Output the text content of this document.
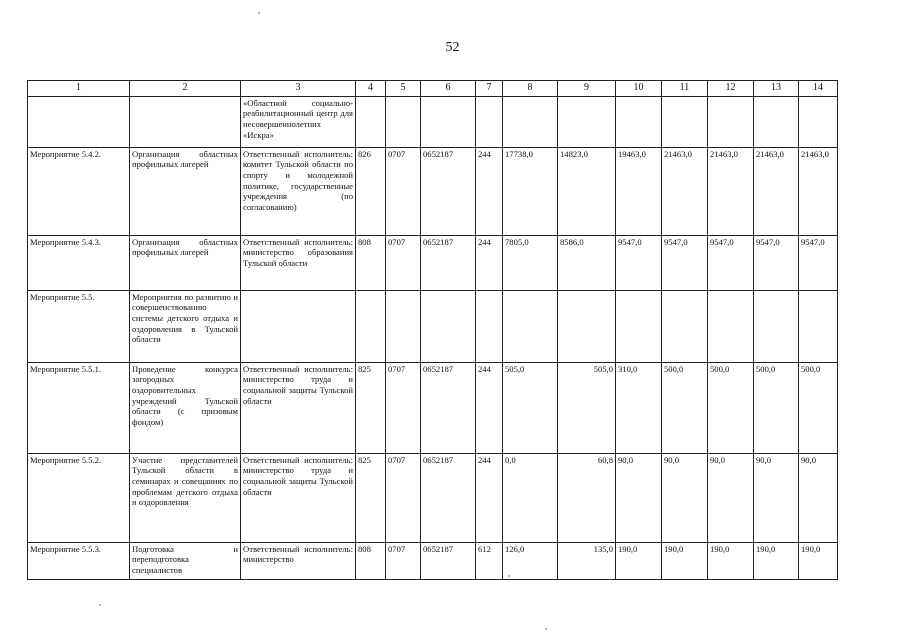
52
1	2	3	4	5	6	7	8	9	10	11	12	13	14
		«Областной социально-реабилитационный центр для несовершеннолетних «Искра»											
Мероприятие 5.4.2.	Организация областных профильных лагерей	Ответственный исполнитель: комитет Тульской области по спорту и молодежной политике, государственные учреждения (по согласованию)	826	0707	0652187	244	17738,0	14823,0	19463,0	21463,0	21463,0	21463,0	21463,0
Мероприятие 5.4.3.	Организация областных профильных лагерей	Ответственный исполнитель: министерство образования Тульской области	808	0707	0652187	244	7805,0	8586,0	9547,0	9547,0	9547,0	9547,0	9547,0
Мероприятие 5.5.	Мероприятия по развитию и совершенствованию системы детского отдыха и оздоровления в Тульской области												
Мероприятие 5.5.1.	Проведение конкурса загородных оздоровительных учреждений Тульской области (с призовым фондом)	Ответственный исполнитель: министерство труда и социальной защиты Тульской области	825	0707	0652187	244	505,0	505,0	310,0	500,0	500,0	500,0	500,0
Мероприятие 5.5.2.	Участие представителей Тульской области в семинарах и совещаниях по проблемам детского отдыха и оздоровления	Ответственный исполнитель: министерство труда и социальной защиты Тульской области	825	0707	0652187	244	0,0	60,8	90,0	90,0	90,0	90,0	90,0
Мероприятие 5.5.3.	Подготовка и переподготовка специалистов	Ответственный исполнитель: министерство	808	0707	0652187	612	126,0	135,0	190,0	190,0	190,0	190,0	190,0
